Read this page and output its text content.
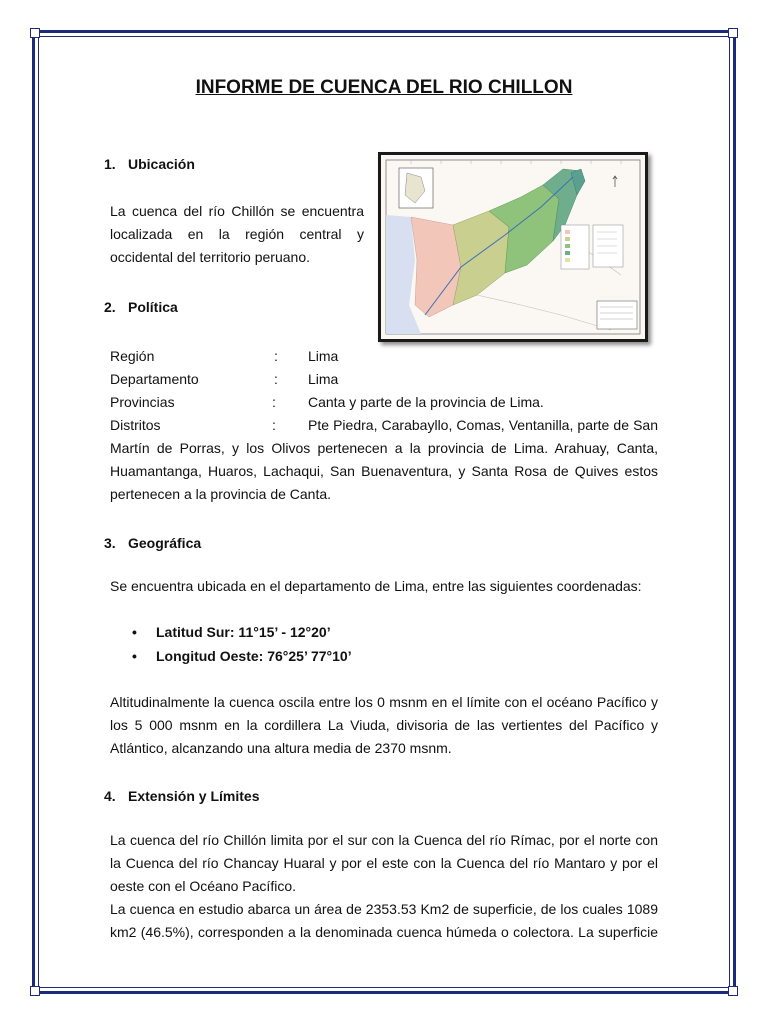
INFORME DE CUENCA DEL RIO CHILLON
1. Ubicación
La cuenca del río Chillón se encuentra
localizada en la región central y
occidental del territorio peruano.
2. Política
Región	: Lima
Departamento	: Lima
Provincias	: Canta y parte de la provincia de Lima.
Distritos	: Pte Piedra, Carabayllo, Comas, Ventanilla, parte de San
Martín de Porras, y los Olivos pertenecen a la provincia de Lima. Arahuay, Canta,
Huamantanga, Huaros, Lachaqui, San Buenaventura, y Santa Rosa de Quives estos
pertenecen a la provincia de Canta.
3. Geográfica
Se encuentra ubicada en el departamento de Lima, entre las siguientes coordenadas:
• Latitud Sur: 11°15’ - 12°20’
• Longitud Oeste: 76°25’ 77°10’
Altitudinalmente la cuenca oscila entre los 0 msnm en el límite con el océano Pacífico y
los 5 000 msnm en la cordillera La Viuda, divisoria de las vertientes del Pacífico y
Atlántico, alcanzando una altura media de 2370 msnm.
4. Extensión y Límites
La cuenca del río Chillón limita por el sur con la Cuenca del río Rímac, por el norte con
la Cuenca del río Chancay Huaral y por el este con la Cuenca del río Mantaro y por el
oeste con el Océano Pacífico.
La cuenca en estudio abarca un área de 2353.53 Km2 de superficie, de los cuales 1089
km2 (46.5%), corresponden a la denominada cuenca húmeda o colectora. La superficie
